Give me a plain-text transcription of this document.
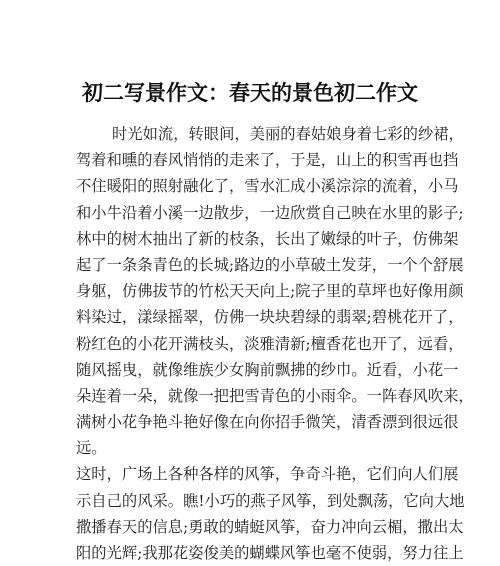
初二写景作文：春天的景色初二作文
时光如流，转眼间，美丽的春姑娘身着七彩的纱裙，
驾着和曛的春风悄悄的走来了，于是，山上的积雪再也挡
不住暖阳的照射融化了，雪水汇成小溪淙淙的流着，小马
和小牛沿着小溪一边散步，一边欣赏自己映在水里的影子;
林中的树木抽出了新的枝条，长出了嫩绿的叶子，仿佛架
起了一条条青色的长城;路边的小草破土发芽，一个个舒展
身躯，仿佛拔节的竹松天天向上;院子里的草坪也好像用颜
料染过，漾绿摇翠，仿佛一块块碧绿的翡翠;碧桃花开了，
粉红色的小花开满枝头，淡雅清新;檀香花也开了，远看，
随风摇曳，就像维族少女胸前飘拂的纱巾。近看，小花一
朵连着一朵，就像一把把雪青色的小雨伞。一阵春风吹来，
满树小花争艳斗艳好像在向你招手微笑，清香漂到很远很
远。
这时，广场上各种各样的风筝，争奇斗艳，它们向人们展
示自己的风采。瞧!小巧的燕子风筝，到处飘荡，它向大地
撒播春天的信息;勇敢的蜻蜓风筝，奋力冲向云楣，撒出太
阳的光辉;我那花姿俊美的蝴蝶风筝也毫不使弱，努力往上
